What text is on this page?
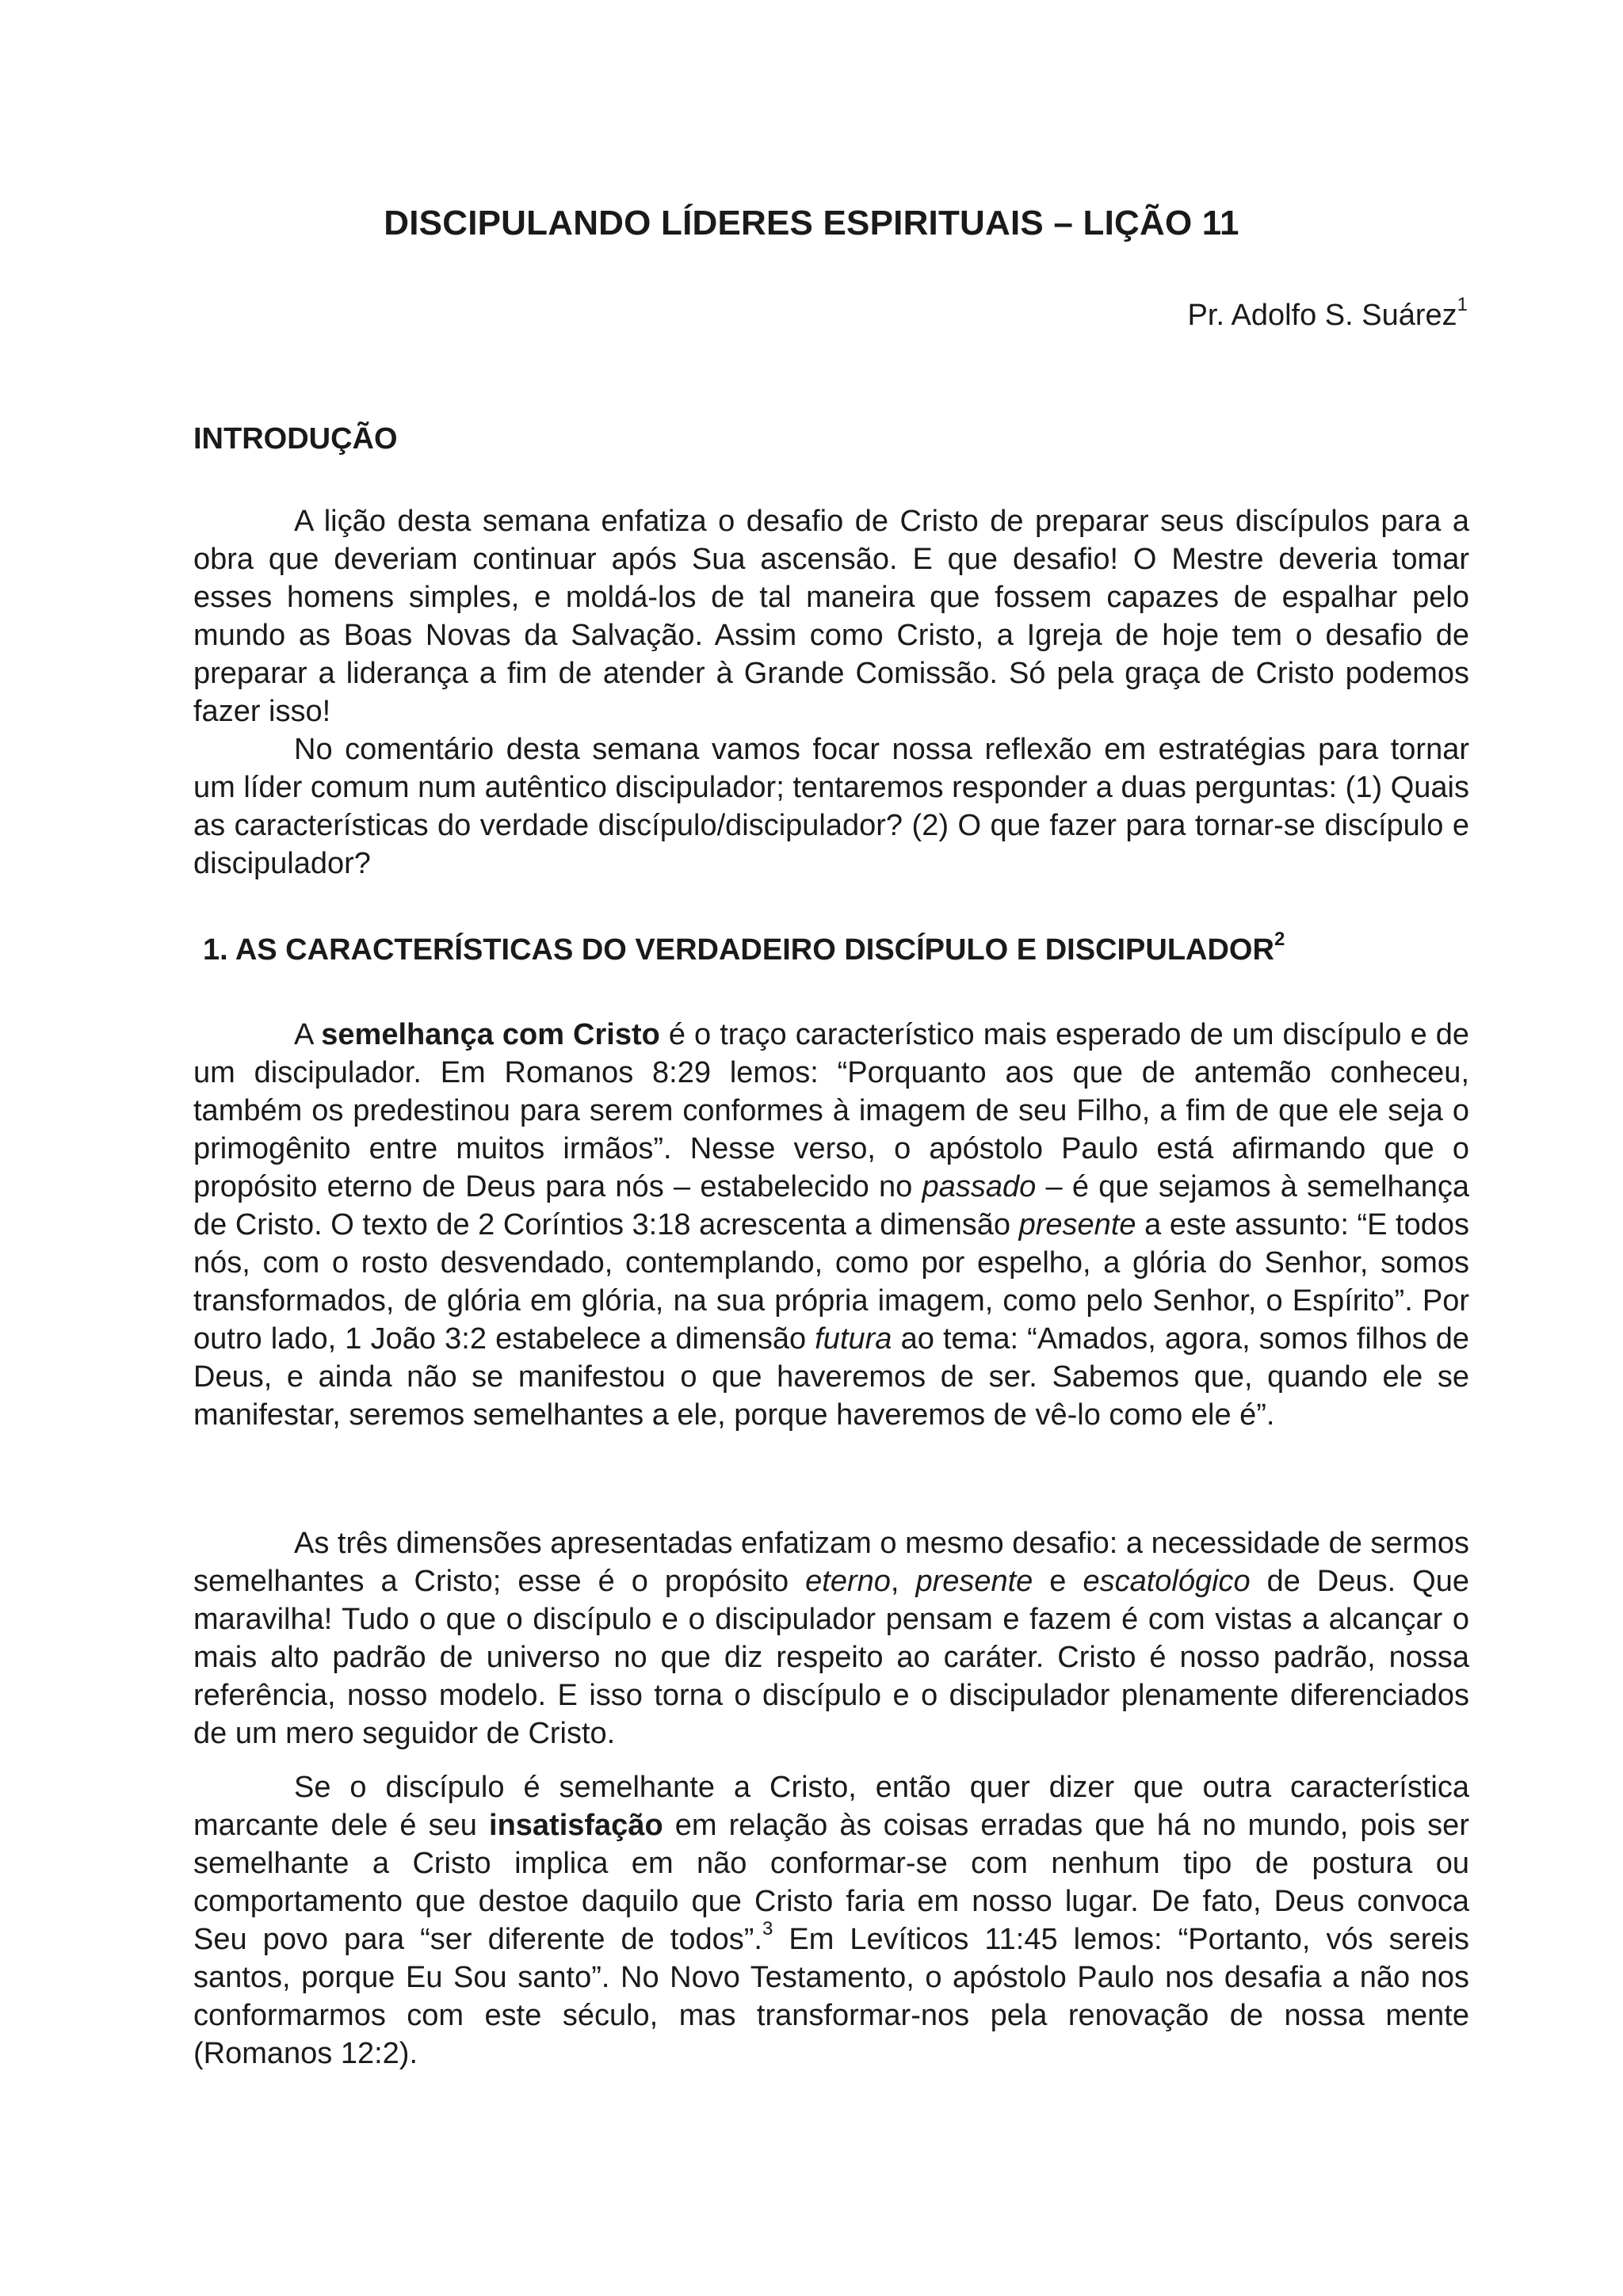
DISCIPULANDO LÍDERES ESPIRITUAIS – LIÇÃO 11
Pr. Adolfo S. Suárez$^1$
INTRODUÇÃO

A lição desta semana enfatiza o desafio de Cristo de preparar seus discípulos para a obra que deveriam continuar após Sua ascensão. E que desafio! O Mestre deveria tomar esses homens simples, e moldá-los de tal maneira que fossem capazes de espalhar pelo mundo as Boas Novas da Salvação. Assim como Cristo, a Igreja de hoje tem o desafio de preparar a liderança a fim de atender à Grande Comissão. Só pela graça de Cristo podemos fazer isso!

No comentário desta semana vamos focar nossa reflexão em estratégias para tornar um líder comum num autêntico discipulador; tentaremos responder a duas perguntas: (1) Quais as características do verdade discípulo/discipulador? (2) O que fazer para tornar-se discípulo e discipulador?

1. AS CARACTERÍSTICAS DO VERDADEIRO DISCÍPULO E DISCIPULADOR$^2$

A semelhança com Cristo é o traço característico mais esperado de um discípulo e de um discipulador. Em Romanos 8:29 lemos: “Porquanto aos que de antemão conheceu, também os predestinou para serem conformes à imagem de seu Filho, a fim de que ele seja o primogênito entre muitos irmãos”. Nesse verso, o apóstolo Paulo está afirmando que o propósito eterno de Deus para nós – estabelecido no passado – é que sejamos à semelhança de Cristo. O texto de 2 Coríntios 3:18 acrescenta a dimensão presente a este assunto: “E todos nós, com o rosto desvendado, contemplando, como por espelho, a glória do Senhor, somos transformados, de glória em glória, na sua própria imagem, como pelo Senhor, o Espírito”. Por outro lado, 1 João 3:2 estabelece a dimensão futura ao tema: “Amados, agora, somos filhos de Deus, e ainda não se manifestou o que haveremos de ser. Sabemos que, quando ele se manifestar, seremos semelhantes a ele, porque haveremos de vê-lo como ele é”.

As três dimensões apresentadas enfatizam o mesmo desafio: a necessidade de sermos semelhantes a Cristo; esse é o propósito eterno, presente e escatológico de Deus. Que maravilha! Tudo o que o discípulo e o discipulador pensam e fazem é com vistas a alcançar o mais alto padrão de universo no que diz respeito ao caráter. Cristo é nosso padrão, nossa referência, nosso modelo. E isso torna o discípulo e o discipulador plenamente diferenciados de um mero seguidor de Cristo.

Se o discípulo é semelhante a Cristo, então quer dizer que outra característica marcante dele é seu insatisfação em relação às coisas erradas que há no mundo, pois ser semelhante a Cristo implica em não conformar-se com nenhum tipo de postura ou comportamento que destoe daquilo que Cristo faria em nosso lugar. De fato, Deus convoca Seu povo para “ser diferente de todos”.$^3$ Em Levíticos 11:45 lemos: “Portanto, vós sereis santos, porque Eu Sou santo”. No Novo Testamento, o apóstolo Paulo nos desafia a não nos conformarmos com este século, mas transformar-nos pela renovação de nossa mente (Romanos 12:2).
